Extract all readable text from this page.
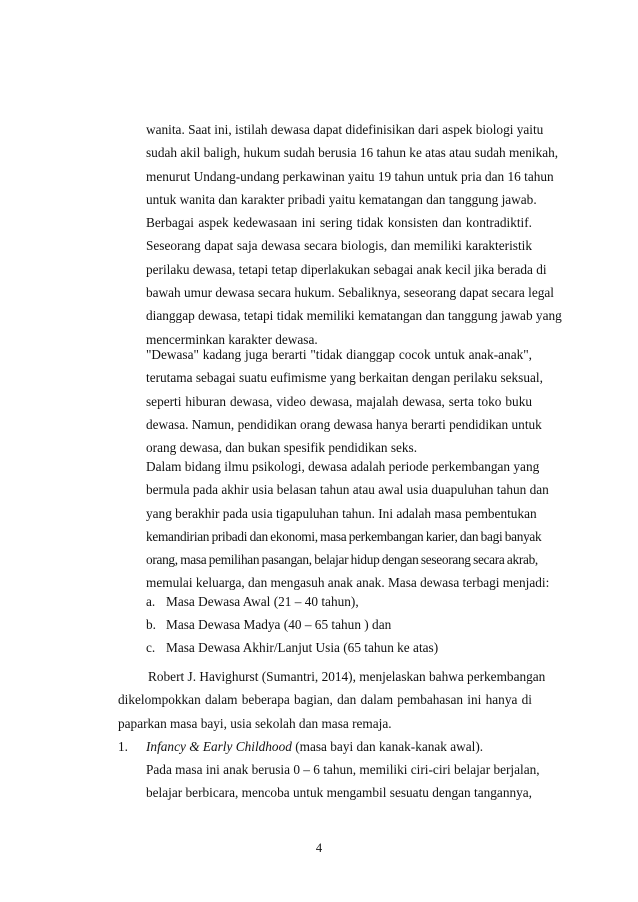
wanita. Saat ini, istilah dewasa dapat didefinisikan dari aspek biologi yaitu
sudah akil baligh, hukum sudah berusia 16 tahun ke atas atau sudah menikah,
menurut Undang-undang perkawinan yaitu 19 tahun untuk pria dan 16 tahun
untuk wanita dan karakter pribadi yaitu kematangan dan tanggung jawab.
Berbagai aspek kedewasaan ini sering tidak konsisten dan kontradiktif.
Seseorang dapat saja dewasa secara biologis, dan memiliki karakteristik
perilaku dewasa, tetapi tetap diperlakukan sebagai anak kecil jika berada di
bawah umur dewasa secara hukum. Sebaliknya, seseorang dapat secara legal
dianggap dewasa, tetapi tidak memiliki kematangan dan tanggung jawab yang
mencerminkan karakter dewasa.
"Dewasa" kadang juga berarti "tidak dianggap cocok untuk anak-anak",
terutama sebagai suatu eufimisme yang berkaitan dengan perilaku seksual,
seperti hiburan dewasa, video dewasa, majalah dewasa, serta toko buku
dewasa. Namun, pendidikan orang dewasa hanya berarti pendidikan untuk
orang dewasa, dan bukan spesifik pendidikan seks.
Dalam bidang ilmu psikologi, dewasa adalah periode perkembangan yang
bermula pada akhir usia belasan tahun atau awal usia duapuluhan tahun dan
yang berakhir pada usia tigapuluhan tahun. Ini adalah masa pembentukan
kemandirian pribadi dan ekonomi, masa perkembangan karier, dan bagi banyak
orang, masa pemilihan pasangan, belajar hidup dengan seseorang secara akrab,
memulai keluarga, dan mengasuh anak anak. Masa dewasa terbagi menjadi:
a. Masa Dewasa Awal (21 – 40 tahun),
b. Masa Dewasa Madya (40 – 65 tahun ) dan
c. Masa Dewasa Akhir/Lanjut Usia (65 tahun ke atas)
Robert J. Havighurst (Sumantri, 2014), menjelaskan bahwa perkembangan
dikelompokkan dalam beberapa bagian, dan dalam pembahasan ini hanya di
paparkan masa bayi, usia sekolah dan masa remaja.
1. Infancy & Early Childhood (masa bayi dan kanak-kanak awal).
Pada masa ini anak berusia 0 – 6 tahun, memiliki ciri-ciri belajar berjalan,
belajar berbicara, mencoba untuk mengambil sesuatu dengan tangannya,
4
